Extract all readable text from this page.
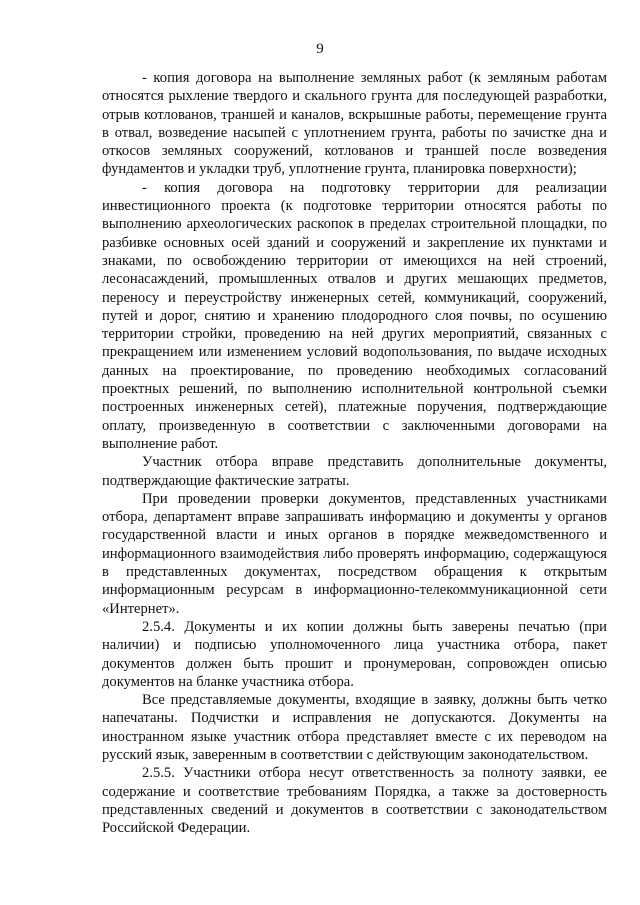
9

- копия договора на выполнение земляных работ (к земляным работам относятся рыхление твердого и скального грунта для последующей разработки, отрыв котлованов, траншей и каналов, вскрышные работы, перемещение грунта в отвал, возведение насыпей с уплотнением грунта, работы по зачистке дна и откосов земляных сооружений, котлованов и траншей после возведения фундаментов и укладки труб, уплотнение грунта, планировка поверхности);

- копия договора на подготовку территории для реализации инвестиционного проекта (к подготовке территории относятся работы по выполнению археологических раскопок в пределах строительной площадки, по разбивке основных осей зданий и сооружений и закрепление их пунктами и знаками, по освобождению территории от имеющихся на ней строений, лесонасаждений, промышленных отвалов и других мешающих предметов, переносу и переустройству инженерных сетей, коммуникаций, сооружений, путей и дорог, снятию и хранению плодородного слоя почвы, по осушению территории стройки, проведению на ней других мероприятий, связанных с прекращением или изменением условий водопользования, по выдаче исходных данных на проектирование, по проведению необходимых согласований проектных решений, по выполнению исполнительной контрольной съемки построенных инженерных сетей), платежные поручения, подтверждающие оплату, произведенную в соответствии с заключенными договорами на выполнение работ.

Участник отбора вправе представить дополнительные документы, подтверждающие фактические затраты.

При проведении проверки документов, представленных участниками отбора, департамент вправе запрашивать информацию и документы у органов государственной власти и иных органов в порядке межведомственного и информационного взаимодействия либо проверять информацию, содержащуюся в представленных документах, посредством обращения к открытым информационным ресурсам в информационно-телекоммуникационной сети «Интернет».

2.5.4. Документы и их копии должны быть заверены печатью (при наличии) и подписью уполномоченного лица участника отбора, пакет документов должен быть прошит и пронумерован, сопровожден описью документов на бланке участника отбора.

Все представляемые документы, входящие в заявку, должны быть четко напечатаны. Подчистки и исправления не допускаются. Документы на иностранном языке участник отбора представляет вместе с их переводом на русский язык, заверенным в соответствии с действующим законодательством.

2.5.5. Участники отбора несут ответственность за полноту заявки, ее содержание и соответствие требованиям Порядка, а также за достоверность представленных сведений и документов в соответствии с законодательством Российской Федерации.
